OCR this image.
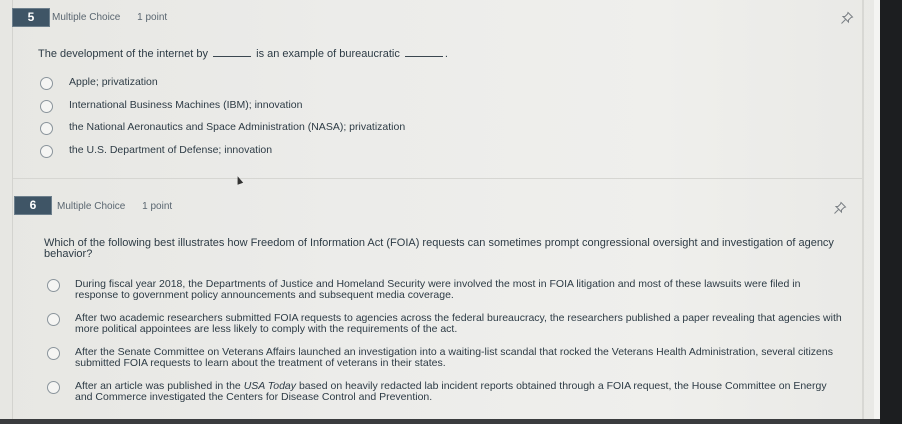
5	Multiple Choice 1 point
The development of the internet by	is an example of bureaucratic	.
Apple; privatization
International Business Machines (IBM); innovation
the National Aeronautics and Space Administration (NASA); privatization
the U.S. Department of Defense; innovation
6	Multiple Choice 1 point
Which of the following best illustrates how Freedom of Information Act (FOIA) requests can sometimes prompt congressional oversight and investigation of agency behavior?
During fiscal year 2018, the Departments of Justice and Homeland Security were involved the most in FOIA litigation and most of these lawsuits were filed in response to government policy announcements and subsequent media coverage.
After two academic researchers submitted FOIA requests to agencies across the federal bureaucracy, the researchers published a paper revealing that agencies with more political appointees are less likely to comply with the requirements of the act.
After the Senate Committee on Veterans Affairs launched an investigation into a waiting-list scandal that rocked the Veterans Health Administration, several citizens submitted FOIA requests to learn about the treatment of veterans in their states.
After an article was published in the USA Today based on heavily redacted lab incident reports obtained through a FOIA request, the House Committee on Energy and Commerce investigated the Centers for Disease Control and Prevention.
